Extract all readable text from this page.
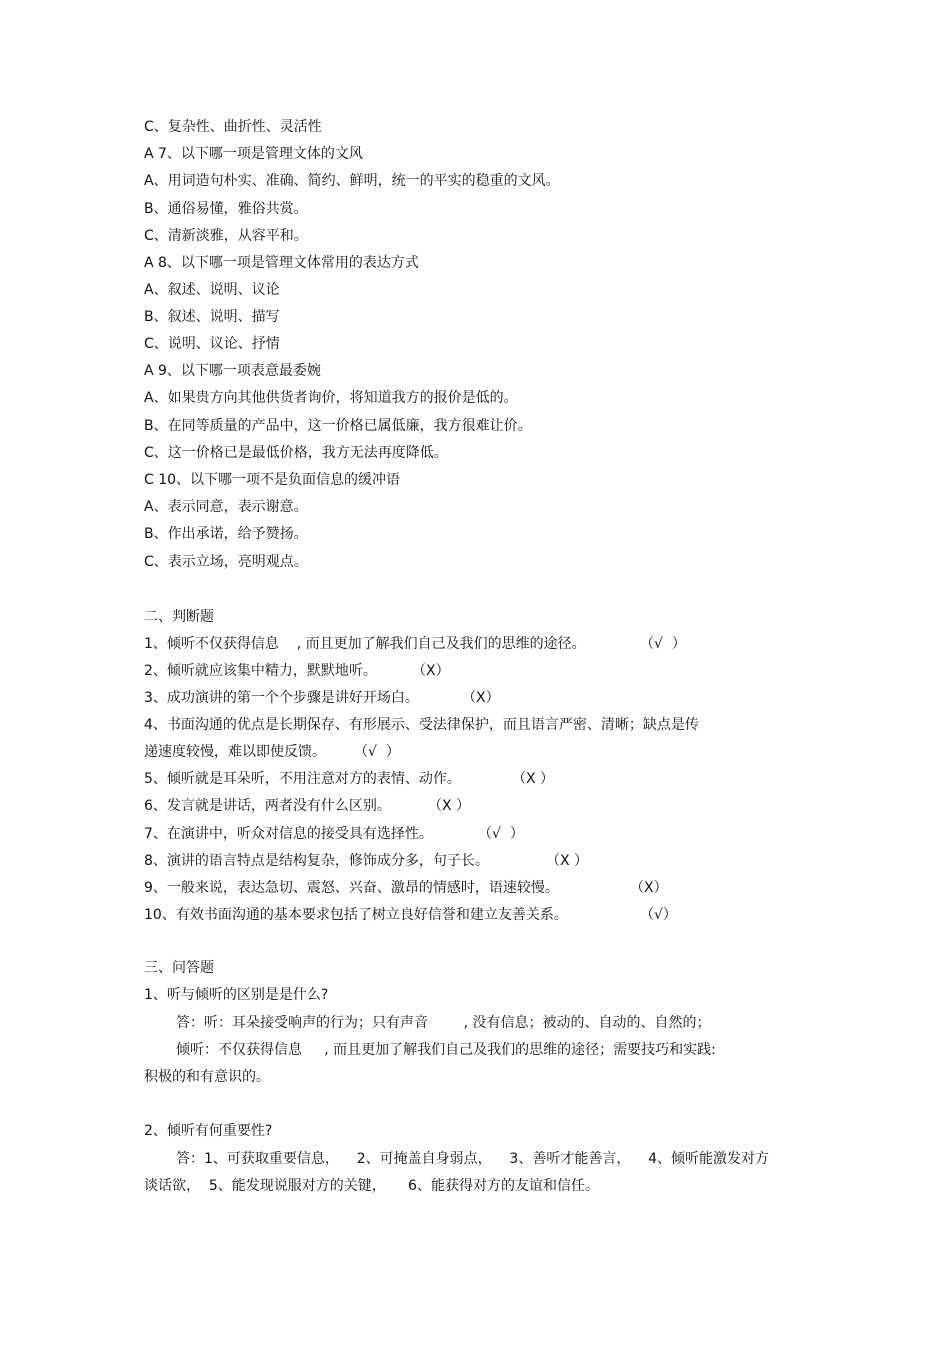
C、复杂性、曲折性、灵活性
A 7、以下哪一项是管理文体的文风
A、用词造句朴实、准确、简约、鲜明，统一的平实的稳重的文风。
B、通俗易懂，雅俗共赏。
C、清新淡雅，从容平和。
A 8、以下哪一项是管理文体常用的表达方式
A、叙述、说明、议论
B、叙述、说明、描写
C、说明、议论、抒情
A 9、以下哪一项表意最委婉
A、如果贵方向其他供货者询价，将知道我方的报价是低的。
B、在同等质量的产品中，这一价格已属低廉，我方很难让价。
C、这一价格已是最低价格，我方无法再度降低。
C 10、以下哪一项不是负面信息的缓冲语
A、表示同意，表示谢意。
B、作出承诺，给予赞扬。
C、表示立场，亮明观点。
二、判断题
1、倾听不仅获得信息    , 而且更加了解我们自己及我们的思维的途径。	（√  ）
2、倾听就应该集中精力，默默地听。	（X）
3、成功演讲的第一个个步骤是讲好开场白。	（X）
4、书面沟通的优点是长期保存、有形展示、受法律保护，而且语言严密、清晰；缺点是传
递速度较慢，难以即使反馈。 （√  ）
5、倾听就是耳朵听，不用注意对方的表情、动作。	（X ）
6、发言就是讲话，两者没有什么区别。	（X ）
7、在演讲中，听众对信息的接受具有选择性。	（√  ）
8、演讲的语言特点是结构复杂，修饰成分多，句子长。	（X ）
9、一般来说，表达急切、震怒、兴奋、激昂的情感时，语速较慢。	（X）
10、有效书面沟通的基本要求包括了树立良好信誉和建立友善关系。	（√）
三、问答题
1、听与倾听的区别是是什么?
答：听：耳朵接受响声的行为；只有声音        , 没有信息；被动的、自动的、自然的；
倾听：不仅获得信息     , 而且更加了解我们自己及我们的思维的途径；需要技巧和实践:
积极的和有意识的。
2、倾听有何重要性?
答：1、可获取重要信息，    2、可掩盖自身弱点，    3、善听才能善言，    4、倾听能激发对方
谈话欲，  5、能发现说服对方的关键，     6、能获得对方的友谊和信任。
